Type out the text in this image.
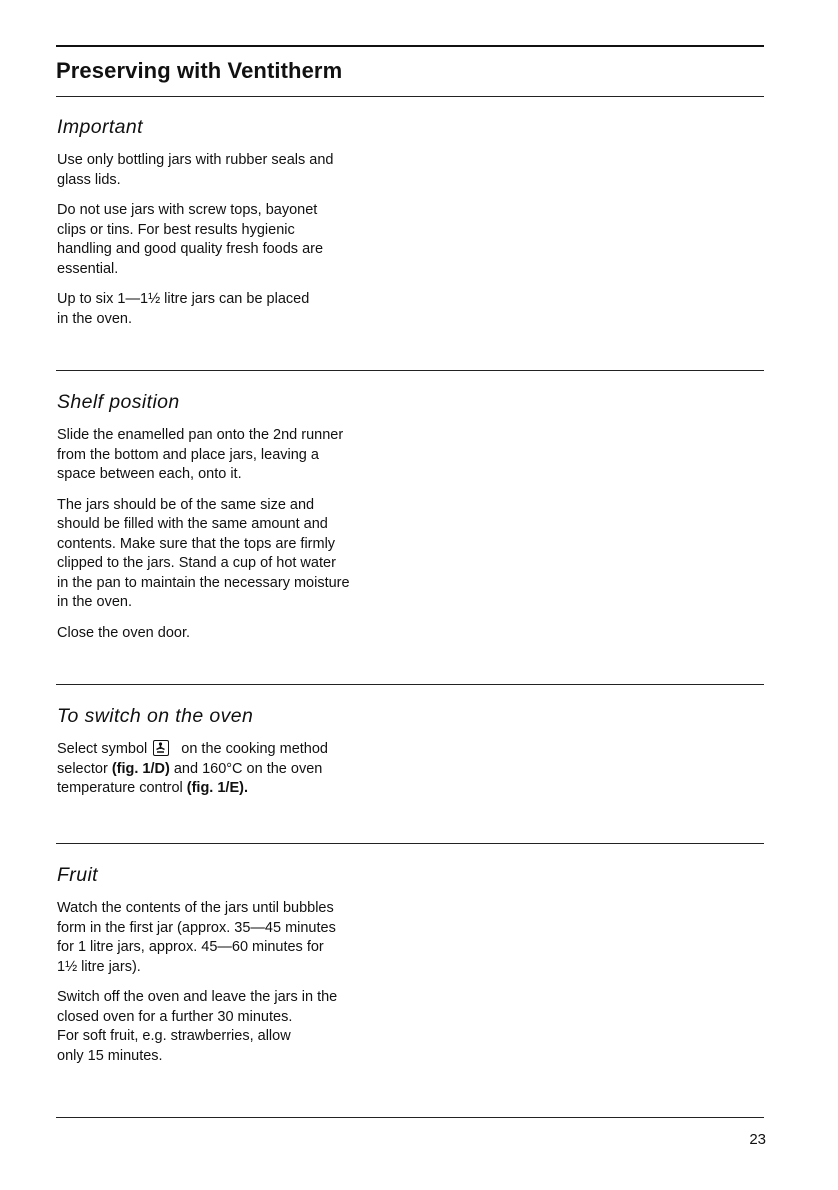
Preserving with Ventitherm
Important

Use only bottling jars with rubber seals and
glass lids.

Do not use jars with screw tops, bayonet
clips or tins. For best results hygienic
handling and good quality fresh foods are
essential.

Up to six 1—1½ litre jars can be placed
in the oven.

Shelf position

Slide the enamelled pan onto the 2nd runner
from the bottom and place jars, leaving a
space between each, onto it.

The jars should be of the same size and
should be filled with the same amount and
contents. Make sure that the tops are firmly
clipped to the jars. Stand a cup of hot water
in the pan to maintain the necessary moisture
in the oven.

Close the oven door.

To switch on the oven

Select symbol on the cooking method
selector (fig. 1/D) and 160°C on the oven
temperature control (fig. 1/E).

Fruit

Watch the contents of the jars until bubbles
form in the first jar (approx. 35—45 minutes
for 1 litre jars, approx. 45—60 minutes for
1½ litre jars).

Switch off the oven and leave the jars in the
closed oven for a further 30 minutes.
For soft fruit, e.g. strawberries, allow
only 15 minutes.

23
